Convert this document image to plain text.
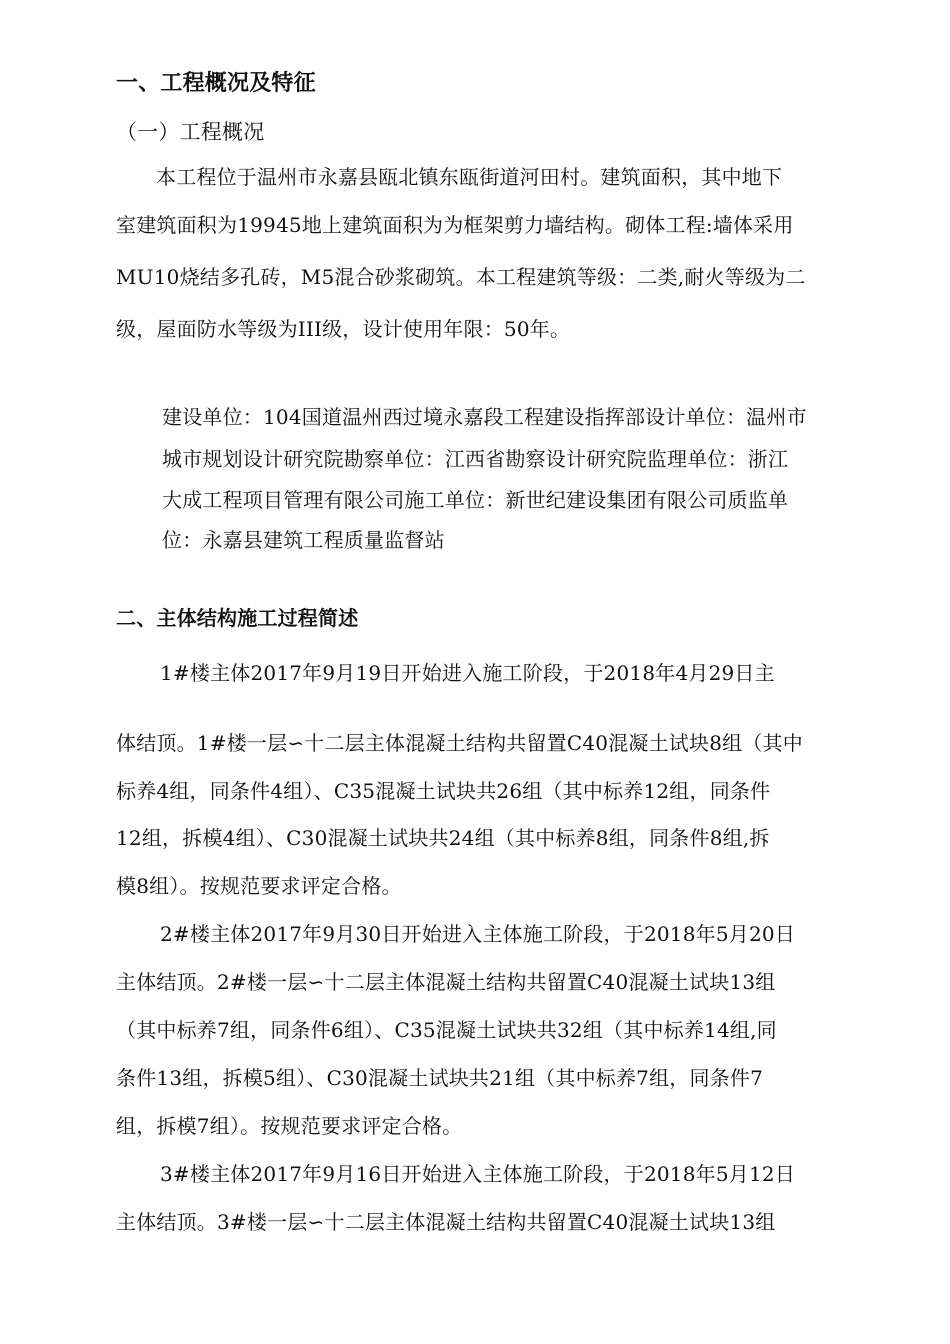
一、工程概况及特征
（一）工程概况
本工程位于温州市永嘉县瓯北镇东瓯街道河田村。建筑面积，其中地下
室建筑面积为19945地上建筑面积为为框架剪力墙结构。砌体工程:墙体采用
MU10烧结多孔砖，M5混合砂浆砌筑。本工程建筑等级：二类,耐火等级为二
级，屋面防水等级为III级，设计使用年限：50年。
建设单位：104国道温州西过境永嘉段工程建设指挥部设计单位：温州市
城市规划设计研究院勘察单位：江西省勘察设计研究院监理单位：浙江
大成工程项目管理有限公司施工单位：新世纪建设集团有限公司质监单
位：永嘉县建筑工程质量监督站
二、主体结构施工过程简述
1#楼主体2017年9月19日开始进入施工阶段，于2018年4月29日主
体结顶。1#楼一层∽十二层主体混凝土结构共留置C40混凝土试块8组（其中
标养4组，同条件4组）、C35混凝土试块共26组（其中标养12组，同条件
12组，拆模4组）、C30混凝土试块共24组（其中标养8组，同条件8组,拆
模8组）。按规范要求评定合格。
2#楼主体2017年9月30日开始进入主体施工阶段，于2018年5月20日
主体结顶。2#楼一层∽十二层主体混凝土结构共留置C40混凝土试块13组
（其中标养7组，同条件6组）、C35混凝土试块共32组（其中标养14组,同
条件13组，拆模5组）、C30混凝土试块共21组（其中标养7组，同条件7
组，拆模7组）。按规范要求评定合格。
3#楼主体2017年9月16日开始进入主体施工阶段，于2018年5月12日
主体结顶。3#楼一层∽十二层主体混凝土结构共留置C40混凝土试块13组
